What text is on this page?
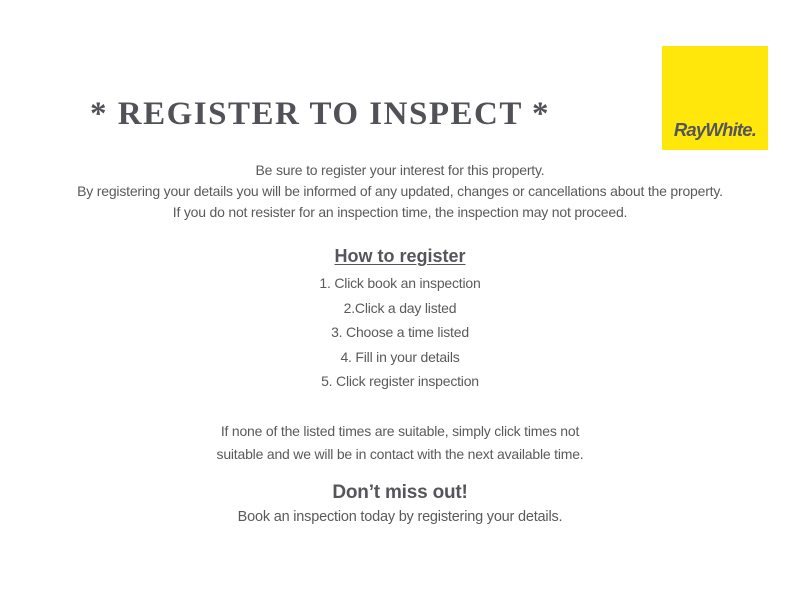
* REGISTER TO INSPECT *	RayWhite.
Be sure to register your interest for this property.
By registering your details you will be informed of any updated, changes or cancellations about the property.
If you do not resister for an inspection time, the inspection may not proceed.
How to register
1. Click book an inspection
2.Click a day listed
3. Choose a time listed
4. Fill in your details
5. Click register inspection
If none of the listed times are suitable, simply click times not
suitable and we will be in contact with the next available time.
Don’t miss out!
Book an inspection today by registering your details.
